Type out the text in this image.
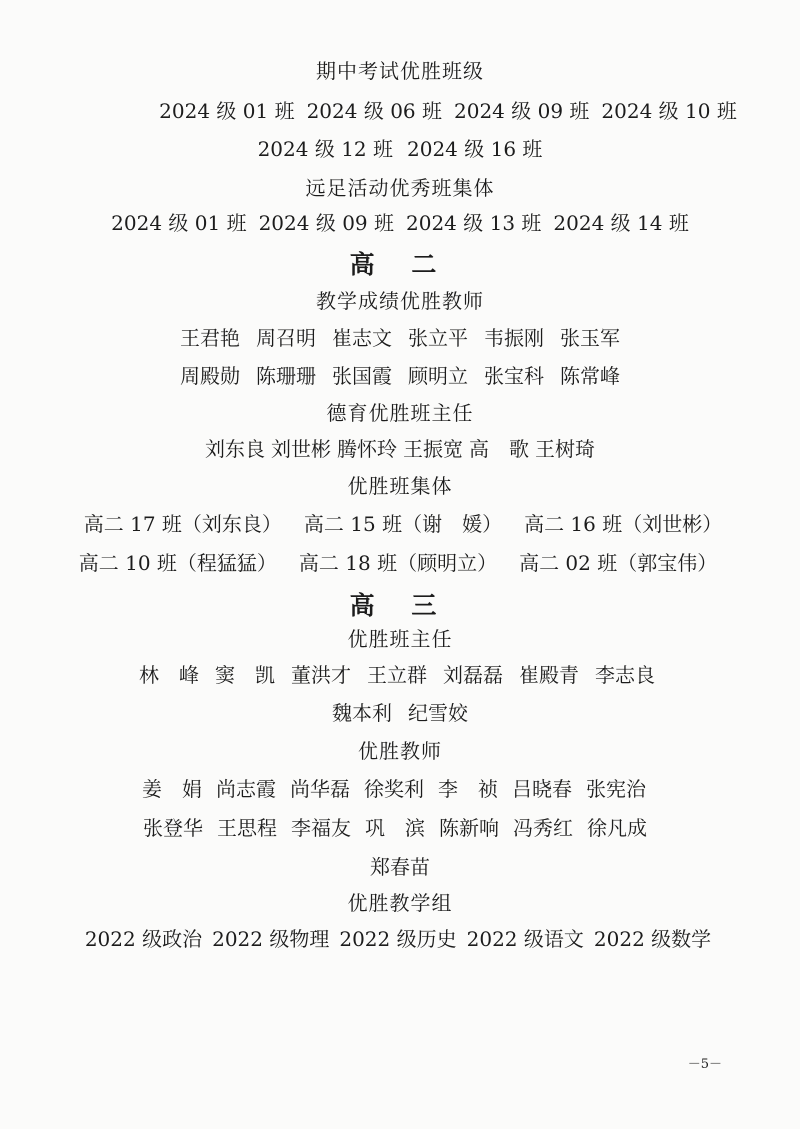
期中考试优胜班级
2024 级 01 班 2024 级 06 班 2024 级 09 班 2024 级 10 班
2024 级 12 班 2024 级 16 班
远足活动优秀班集体
2024 级 01 班 2024 级 09 班 2024 级 13 班 2024 级 14 班
高 二
教学成绩优胜教师
王君艳 周召明 崔志文 张立平 韦振刚 张玉军
周殿勋 陈珊珊 张国霞 顾明立 张宝科 陈常峰
德育优胜班主任
刘东良 刘世彬 腾怀玲 王振宽 高　歌 王树琦
优胜班集体
高二 17 班（刘东良） 高二 15 班（谢　媛） 高二 16 班（刘世彬）
高二 10 班（程猛猛） 高二 18 班（顾明立） 高二 02 班（郭宝伟）
高 三
优胜班主任
林　峰 窦　凯 董洪才 王立群 刘磊磊 崔殿青 李志良
魏本利 纪雪姣
优胜教师
姜　娟 尚志霞 尚华磊 徐奖利 李　祯 吕晓春 张宪治
张登华 王思程 李福友 巩　滨 陈新响 冯秀红 徐凡成
郑春苗
优胜教学组
2022 级政治 2022 级物理 2022 级历史 2022 级语文 2022 级数学
－5－
